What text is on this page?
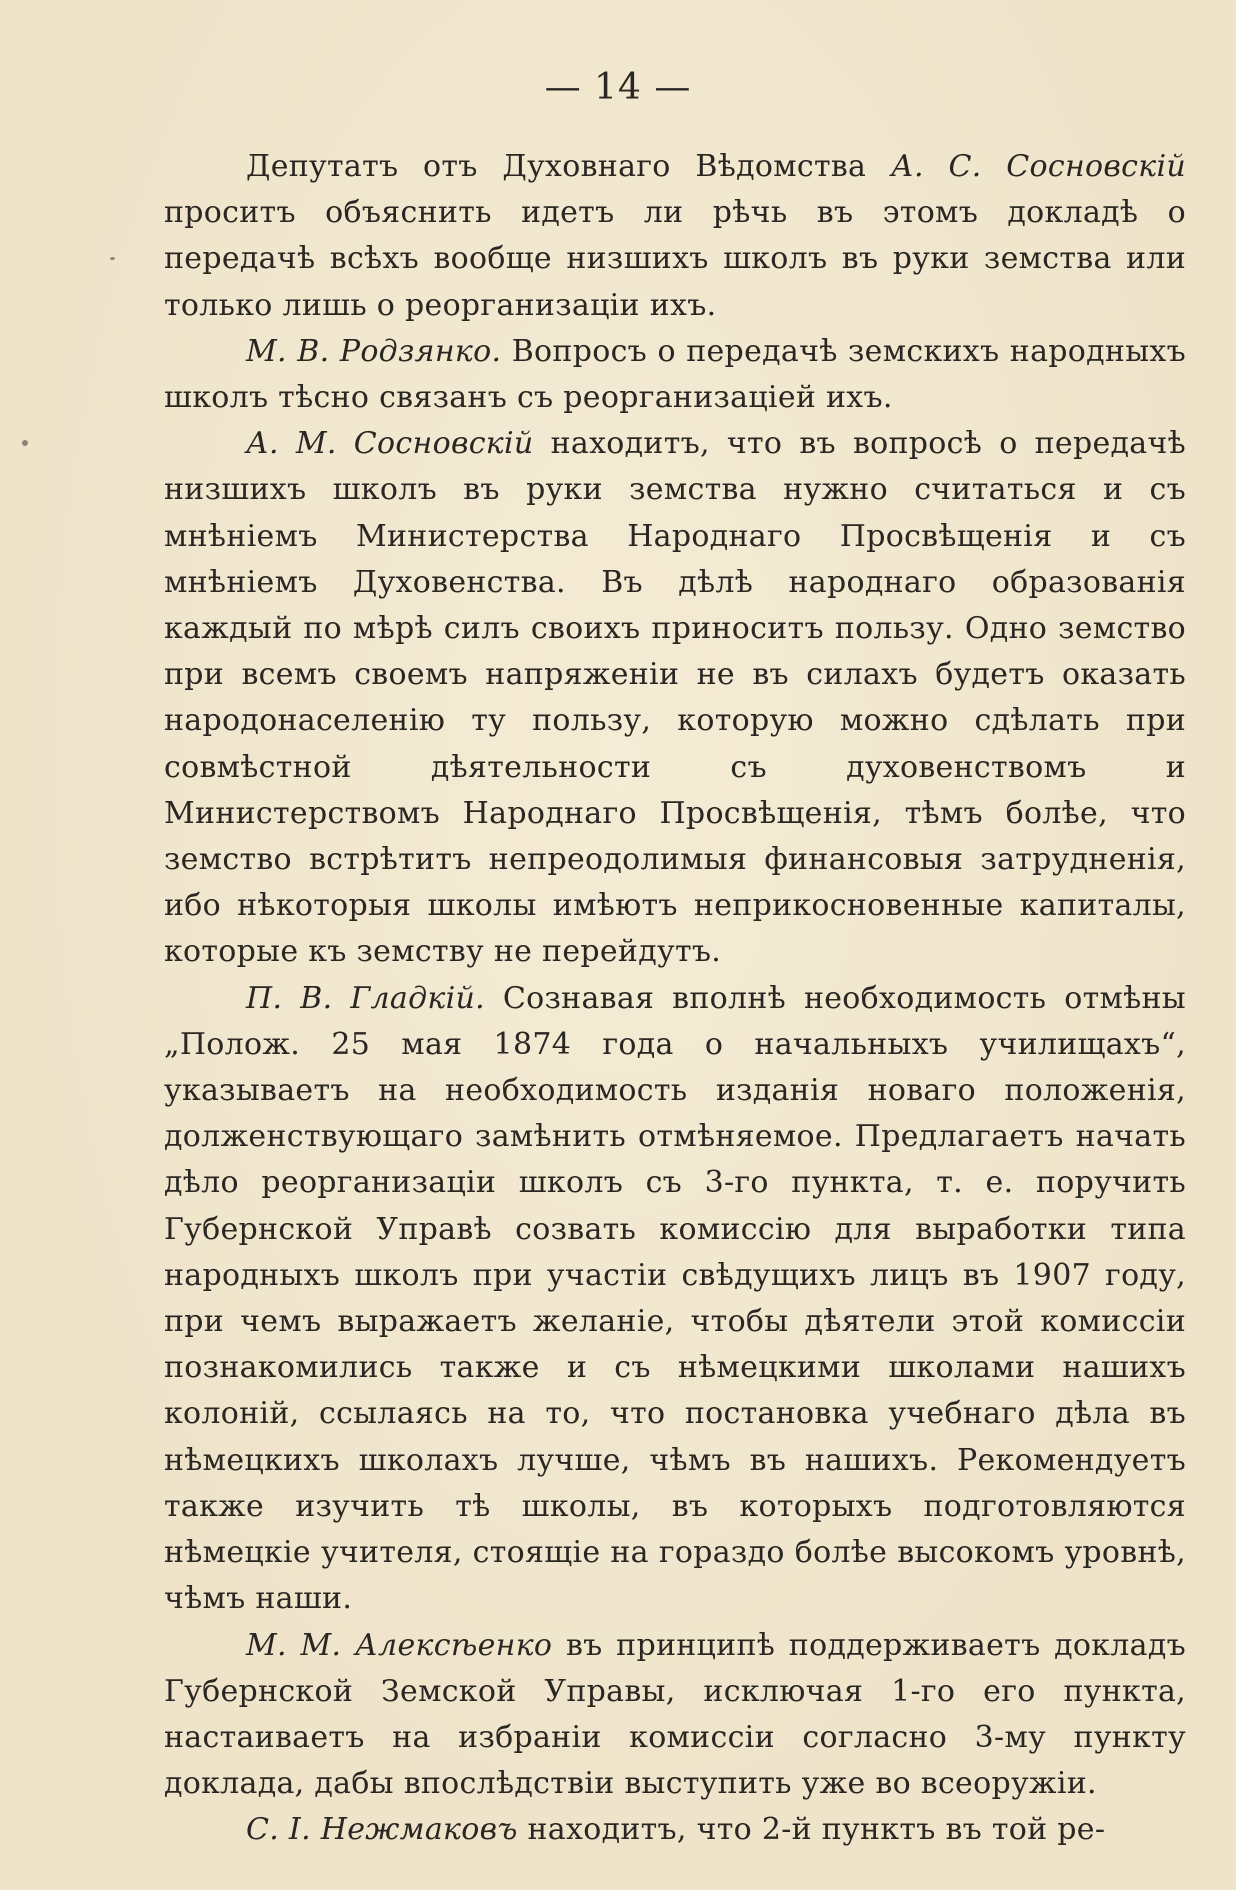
— 14 —

Депутатъ отъ Духовнаго Вѣдомства А. С. Сосновскій проситъ объяснить идетъ ли рѣчь въ этомъ докладѣ о передачѣ всѣхъ вообще низшихъ школъ въ руки земства или только лишь о реорганизаціи ихъ.

М. В. Родзянко. Вопросъ о передачѣ земскихъ народныхъ школъ тѣсно связанъ съ реорганизаціей ихъ.

А. М. Сосновскій находитъ, что въ вопросѣ о передачѣ низшихъ школъ въ руки земства нужно считаться и съ мнѣніемъ Министерства Народнаго Просвѣщенія и съ мнѣніемъ Духовенства. Въ дѣлѣ народнаго образованія каждый по мѣрѣ силъ своихъ приноситъ пользу. Одно земство при всемъ своемъ напряженіи не въ силахъ будетъ оказать народонаселенію ту пользу, которую можно сдѣлать при совмѣстной дѣятельности съ духовенствомъ и Министерствомъ Народнаго Просвѣщенія, тѣмъ болѣе, что земство встрѣтитъ непреодолимыя финансовыя затрудненія, ибо нѣкоторыя школы имѣютъ неприкосновенные капиталы, которые къ земству не перейдутъ.

П. В. Гладкій. Сознавая вполнѣ необходимость отмѣны „Полож. 25 мая 1874 года о начальныхъ училищахъ“, указываетъ на необходимость изданія новаго положенія, долженствующаго замѣнить отмѣняемое. Предлагаетъ начать дѣло реорганизаціи школъ съ 3-го пункта, т. е. поручить Губернской Управѣ созвать комиссію для выработки типа народныхъ школъ при участіи свѣдущихъ лицъ въ 1907 году, при чемъ выражаетъ желаніе, чтобы дѣятели этой комиссіи познакомились также и съ нѣмецкими школами нашихъ колоній, ссылаясь на то, что постановка учебнаго дѣла въ нѣмецкихъ школахъ лучше, чѣмъ въ нашихъ. Рекомендуетъ также изучить тѣ школы, въ которыхъ подготовляются нѣмецкіе учителя, стоящіе на гораздо болѣе высокомъ уровнѣ, чѣмъ наши.

М. М. Алексѣенко въ принципѣ поддерживаетъ докладъ Губернской Земской Управы, исключая 1-го его пункта, настаиваетъ на избраніи комиссіи согласно 3-му пункту доклада, дабы впослѣдствіи выступить уже во всеоружіи.

С. І. Нежмаковъ находитъ, что 2-й пунктъ въ той ре-
